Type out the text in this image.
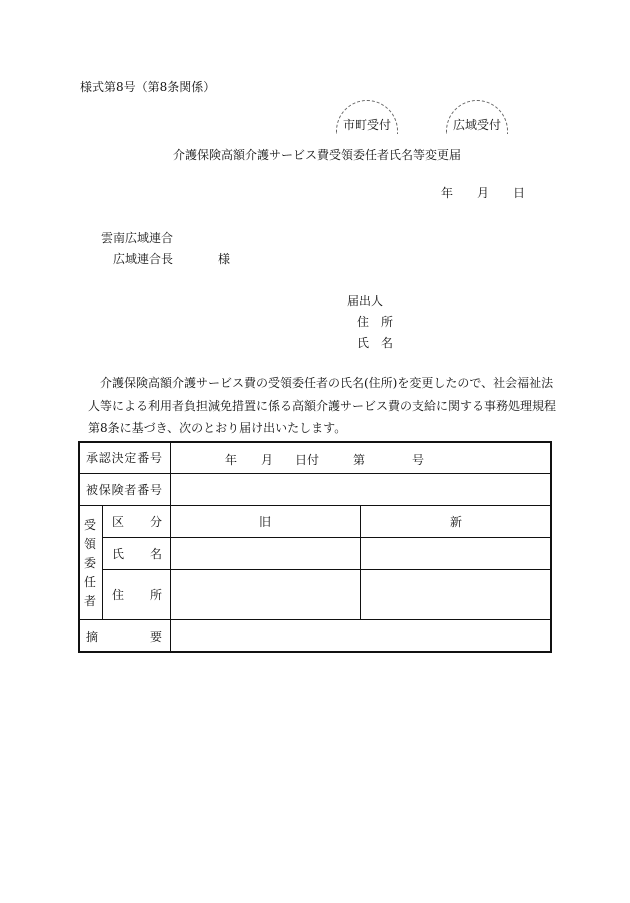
様式第8号（第8条関係）
市町受付	広域受付
介護保険高額介護サービス費受領委任者氏名等変更届
年 月 日
雲南広域連合
広域連合長	様
届出人
住　所
氏　名
介護保険高額介護サービス費の受領委任者の氏名(住所)を変更したので、社会福祉法
人等による利用者負担減免措置に係る高額介護サービス費の支給に関する事務処理規程
第8条に基づき、次のとおり届け出いたします。
承 認 決 定 番 号	年 月 日付	第	号
被 保 険 者 番 号
受
領
委
任
者
区 分	旧	新
氏 名
住 所
摘	要
